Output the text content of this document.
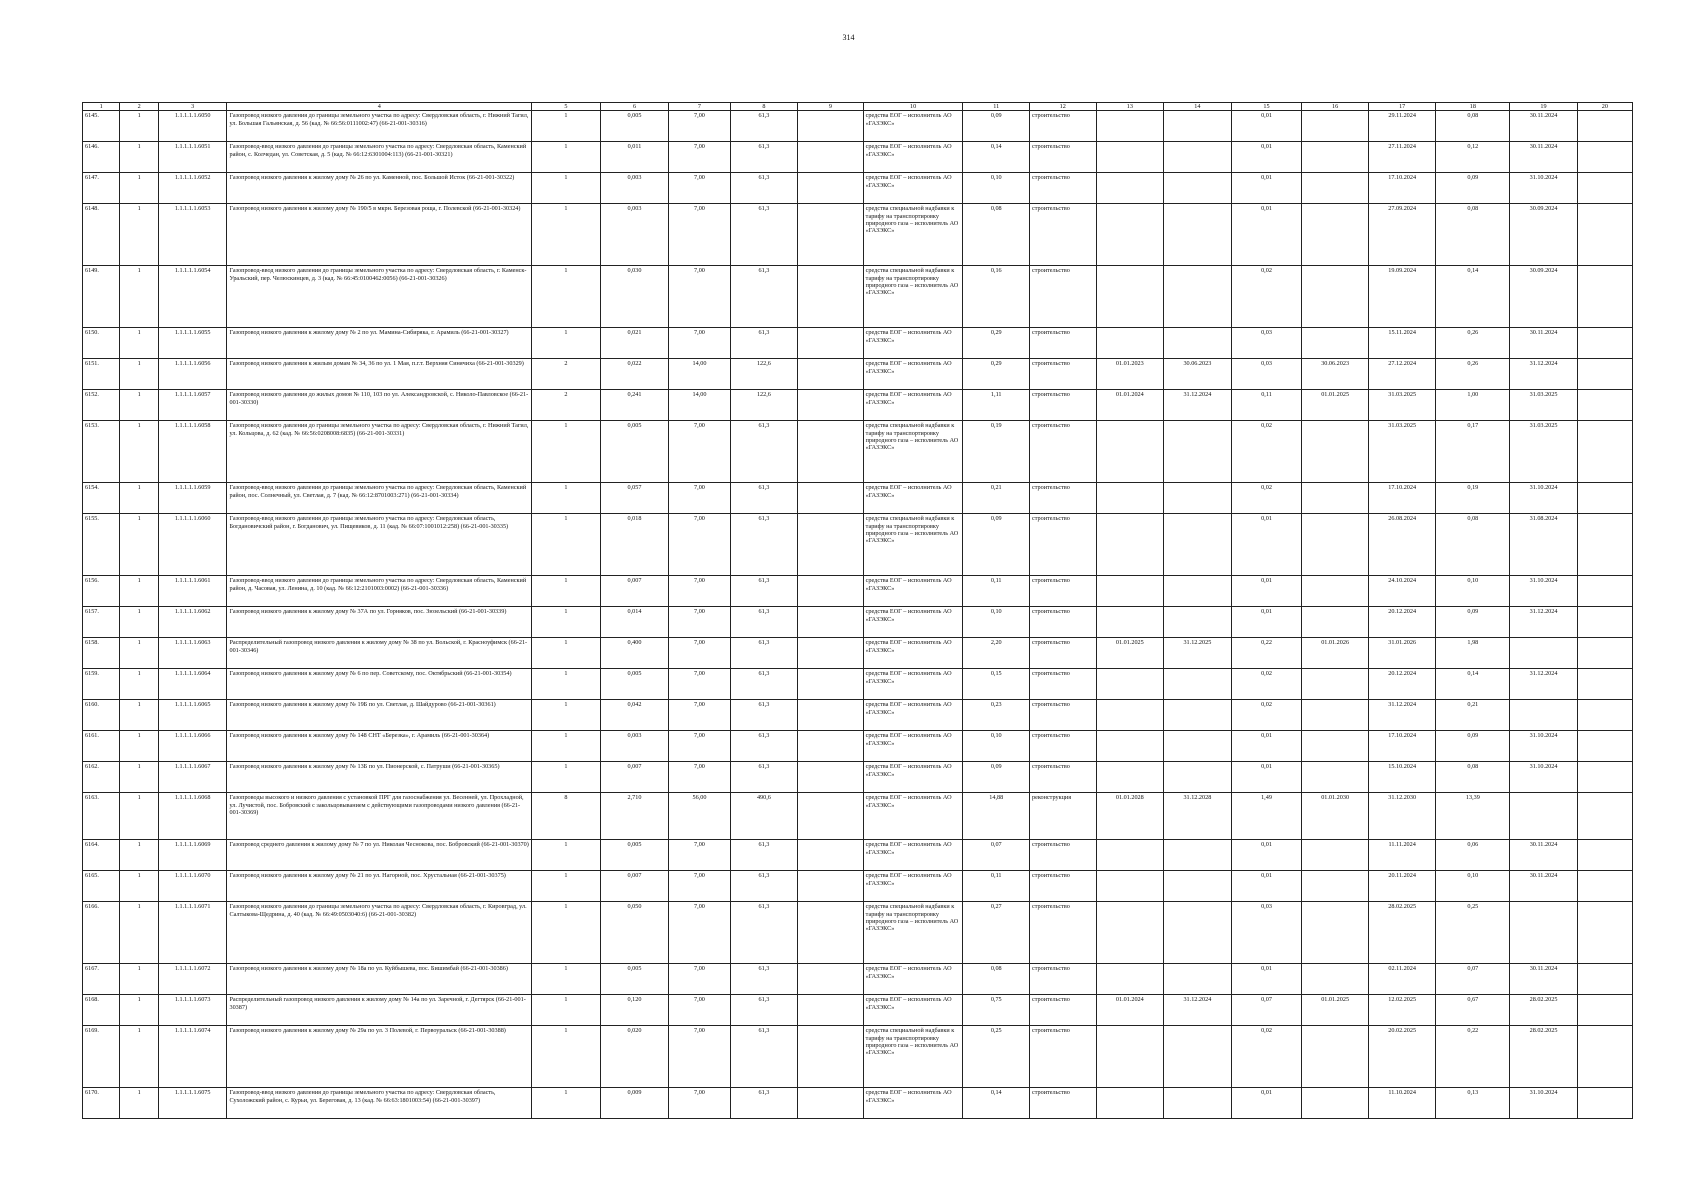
314
1	2	3	4	5	6	7	8	9	10	11	12	13	14	15	16	17	18	19	20
6145.	1	1.1.1.1.1.6050	Газопровод низкого давления до границы земельного участка по адресу: Свердловская область, г. Нижний Тагил, ул. Большая Гальянская, д. 56 (кад. № 66:56:0111002:47) (66-21-001-30316)	1	0,005	7,00	61,3		средства ЕОГ – исполнитель АО «ГАЗЭКС»	0,09	строительство			0,01		29.11.2024	0,08	30.11.2024	
6146.	1	1.1.1.1.1.6051	Газопровод-ввод низкого давления до границы земельного участка по адресу: Свердловская область, Каменский район, с. Колчедан, ул. Советская, д. 5 (кад. № 66:12:6301004:113) (66-21-001-30321)	1	0,011	7,00	61,3		средства ЕОГ – исполнитель АО «ГАЗЭКС»	0,14	строительство			0,01		27.11.2024	0,12	30.11.2024	
6147.	1	1.1.1.1.1.6052	Газопровод низкого давления к жилому дому № 26 по ул. Каменной, пос. Большой Исток (66-21-001-30322)	1	0,003	7,00	61,3		средства ЕОГ – исполнитель АО «ГАЗЭКС»	0,10	строительство			0,01		17.10.2024	0,09	31.10.2024	
6148.	1	1.1.1.1.1.6053	Газопровод низкого давления к жилому дому № 190/5 в мкрн. Березовая роща, г. Полевской (66-21-001-30324)	1	0,003	7,00	61,3		средства специальной надбавки к тарифу на транспортировку природного газа – исполнитель АО «ГАЗЭКС»	0,08	строительство			0,01		27.09.2024	0,08	30.09.2024	
6149.	1	1.1.1.1.1.6054	Газопровод-ввод низкого давления до границы земельного участка по адресу: Свердловская область, г. Каменск-Уральский, пер. Челюскинцев, д. 3 (кад. № 66:45:0100462:0056) (66-21-001-30326)	1	0,030	7,00	61,3		средства специальной надбавки к тарифу на транспортировку природного газа – исполнитель АО «ГАЗЭКС»	0,16	строительство			0,02		19.09.2024	0,14	30.09.2024	
6150.	1	1.1.1.1.1.6055	Газопровод низкого давления к жилому дому № 2 по ул. Мамина-Сибиряка, г. Арамиль (66-21-001-30327)	1	0,021	7,00	61,3		средства ЕОГ – исполнитель АО «ГАЗЭКС»	0,29	строительство			0,03		15.11.2024	0,26	30.11.2024	
6151.	1	1.1.1.1.1.6056	Газопровод низкого давления к жилым домам № 34, 36 по ул. 1 Мая, п.г.т. Верхняя Синячиха (66-21-001-30329)	2	0,022	14,00	122,6		средства ЕОГ – исполнитель АО «ГАЗЭКС»	0,29	строительство	01.01.2023	30.06.2023	0,03	30.06.2023	27.12.2024	0,26	31.12.2024	
6152.	1	1.1.1.1.1.6057	Газопровод низкого давления до жилых домов № 110, 103 по ул. Александровской, с. Николо-Павловское (66-21-001-30330)	2	0,241	14,00	122,6		средства ЕОГ – исполнитель АО «ГАЗЭКС»	1,11	строительство	01.01.2024	31.12.2024	0,11	01.01.2025	31.03.2025	1,00	31.03.2025	
6153.	1	1.1.1.1.1.6058	Газопровод низкого давления до границы земельного участка по адресу: Свердловская область, г. Нижний Тагил, ул. Кольцова, д. 62 (кад. № 66:56:0208008:6835) (66-21-001-30331)	1	0,005	7,00	61,3		средства специальной надбавки к тарифу на транспортировку природного газа – исполнитель АО «ГАЗЭКС»	0,19	строительство			0,02		31.03.2025	0,17	31.03.2025	
6154.	1	1.1.1.1.1.6059	Газопровод-ввод низкого давления до границы земельного участка по адресу: Свердловская область, Каменский район, пос. Солнечный, ул. Светлая, д. 7 (кад. № 66:12:8701003:271) (66-21-001-30334)	1	0,057	7,00	61,3		средства ЕОГ – исполнитель АО «ГАЗЭКС»	0,21	строительство			0,02		17.10.2024	0,19	31.10.2024	
6155.	1	1.1.1.1.1.6060	Газопровод-ввод низкого давления до границы земельного участка по адресу: Свердловская область, Богдановичский район, г. Богданович, ул. Пищевиков, д. 11 (кад. № 66:07:1001012:258) (66-21-001-30335)	1	0,018	7,00	61,3		средства специальной надбавки к тарифу на транспортировку природного газа – исполнитель АО «ГАЗЭКС»	0,09	строительство			0,01		26.08.2024	0,08	31.08.2024	
6156.	1	1.1.1.1.1.6061	Газопровод-ввод низкого давления до границы земельного участка по адресу: Свердловская область, Каменский район, д. Часовая, ул. Ленина, д. 10 (кад. № 66:12:2101003:0002) (66-21-001-30336)	1	0,007	7,00	61,3		средства ЕОГ – исполнитель АО «ГАЗЭКС»	0,11	строительство			0,01		24.10.2024	0,10	31.10.2024	
6157.	1	1.1.1.1.1.6062	Газопровод низкого давления к жилому дому № 37А по ул. Горняков, пос. Зюзельский (66-21-001-30339)	1	0,014	7,00	61,3		средства ЕОГ – исполнитель АО «ГАЗЭКС»	0,10	строительство			0,01		20.12.2024	0,09	31.12.2024	
6158.	1	1.1.1.1.1.6063	Распределительный газопровод низкого давления к жилому дому № 38 по ул. Вольской, г. Красноуфимск (66-21-001-30346)	1	0,400	7,00	61,3		средства ЕОГ – исполнитель АО «ГАЗЭКС»	2,20	строительство	01.01.2025	31.12.2025	0,22	01.01.2026	31.01.2026	1,98		
6159.	1	1.1.1.1.1.6064	Газопровод низкого давления к жилому дому № 6 по пер. Советскому, пос. Октябрьский (66-21-001-30354)	1	0,005	7,00	61,3		средства ЕОГ – исполнитель АО «ГАЗЭКС»	0,15	строительство			0,02		20.12.2024	0,14	31.12.2024	
6160.	1	1.1.1.1.1.6065	Газопровод низкого давления к жилому дому № 19Б по ул. Светлая, д. Шайдурово (66-21-001-30361)	1	0,042	7,00	61,3		средства ЕОГ – исполнитель АО «ГАЗЭКС»	0,23	строительство			0,02		31.12.2024	0,21		
6161.	1	1.1.1.1.1.6066	Газопровод низкого давления к жилому дому № 148 СНТ «Березка», г. Арамиль (66-21-001-30364)	1	0,003	7,00	61,3		средства ЕОГ – исполнитель АО «ГАЗЭКС»	0,10	строительство			0,01		17.10.2024	0,09	31.10.2024	
6162.	1	1.1.1.1.1.6067	Газопровод низкого давления к жилому дому № 13Б по ул. Пионерской, с. Патруши (66-21-001-30365)	1	0,007	7,00	61,3		средства ЕОГ – исполнитель АО «ГАЗЭКС»	0,09	строительство			0,01		15.10.2024	0,08	31.10.2024	
6163.	1	1.1.1.1.1.6068	Газопроводы высокого и низкого давления с установкой ПРГ для газоснабжения ул. Весенней, ул. Прохладной, ул. Лучистой, пос. Бобровский с закольцовыванием с действующими газопроводами низкого давления (66-21-001-30369)	8	2,710	56,00	490,6		средства ЕОГ – исполнитель АО «ГАЗЭКС»	14,88	реконструкция	01.01.2028	31.12.2028	1,49	01.01.2030	31.12.2030	13,39		
6164.	1	1.1.1.1.1.6069	Газопровод среднего давления к жилому дому № 7 по ул. Николая Чеснокова, пос. Бобровский (66-21-001-30370)	1	0,005	7,00	61,3		средства ЕОГ – исполнитель АО «ГАЗЭКС»	0,07	строительство			0,01		11.11.2024	0,06	30.11.2024	
6165.	1	1.1.1.1.1.6070	Газопровод низкого давления к жилому дому № 21 по ул. Нагорной, пос. Хрустальная (66-21-001-30375)	1	0,007	7,00	61,3		средства ЕОГ – исполнитель АО «ГАЗЭКС»	0,11	строительство			0,01		20.11.2024	0,10	30.11.2024	
6166.	1	1.1.1.1.1.6071	Газопровод низкого давления до границы земельного участка по адресу: Свердловская область, г. Кировград, ул. Салтыкова-Щедрина, д. 40 (кад. № 66:49:0503040:6) (66-21-001-30382)	1	0,050	7,00	61,3		средства специальной надбавки к тарифу на транспортировку природного газа – исполнитель АО «ГАЗЭКС»	0,27	строительство			0,03		28.02.2025	0,25		
6167.	1	1.1.1.1.1.6072	Газопровод низкого давления к жилому дому № 18а по ул. Куйбышева, пос. Бишимбай (66-21-001-30386)	1	0,005	7,00	61,3		средства ЕОГ – исполнитель АО «ГАЗЭКС»	0,08	строительство			0,01		02.11.2024	0,07	30.11.2024	
6168.	1	1.1.1.1.1.6073	Распределительный газопровод низкого давления к жилому дому № 14а по ул. Заречной, г. Дегтярск (66-21-001-30387)	1	0,120	7,00	61,3		средства ЕОГ – исполнитель АО «ГАЗЭКС»	0,75	строительство	01.01.2024	31.12.2024	0,07	01.01.2025	12.02.2025	0,67	28.02.2025	
6169.	1	1.1.1.1.1.6074	Газопровод низкого давления к жилому дому № 29а по ул. 3 Полевой, г. Первоуральск (66-21-001-30388)	1	0,020	7,00	61,3		средства специальной надбавки к тарифу на транспортировку природного газа – исполнитель АО «ГАЗЭКС»	0,25	строительство			0,02		20.02.2025	0,22	28.02.2025	
6170.	1	1.1.1.1.1.6075	Газопровод-ввод низкого давления до границы земельного участка по адресу: Свердловская область, Сухоложский район, с. Курьи, ул. Береговая, д. 13 (кад. № 66:63:1801003:54) (66-21-001-30397)	1	0,009	7,00	61,3		средства ЕОГ – исполнитель АО «ГАЗЭКС»	0,14	строительство			0,01		11.10.2024	0,13	31.10.2024	
